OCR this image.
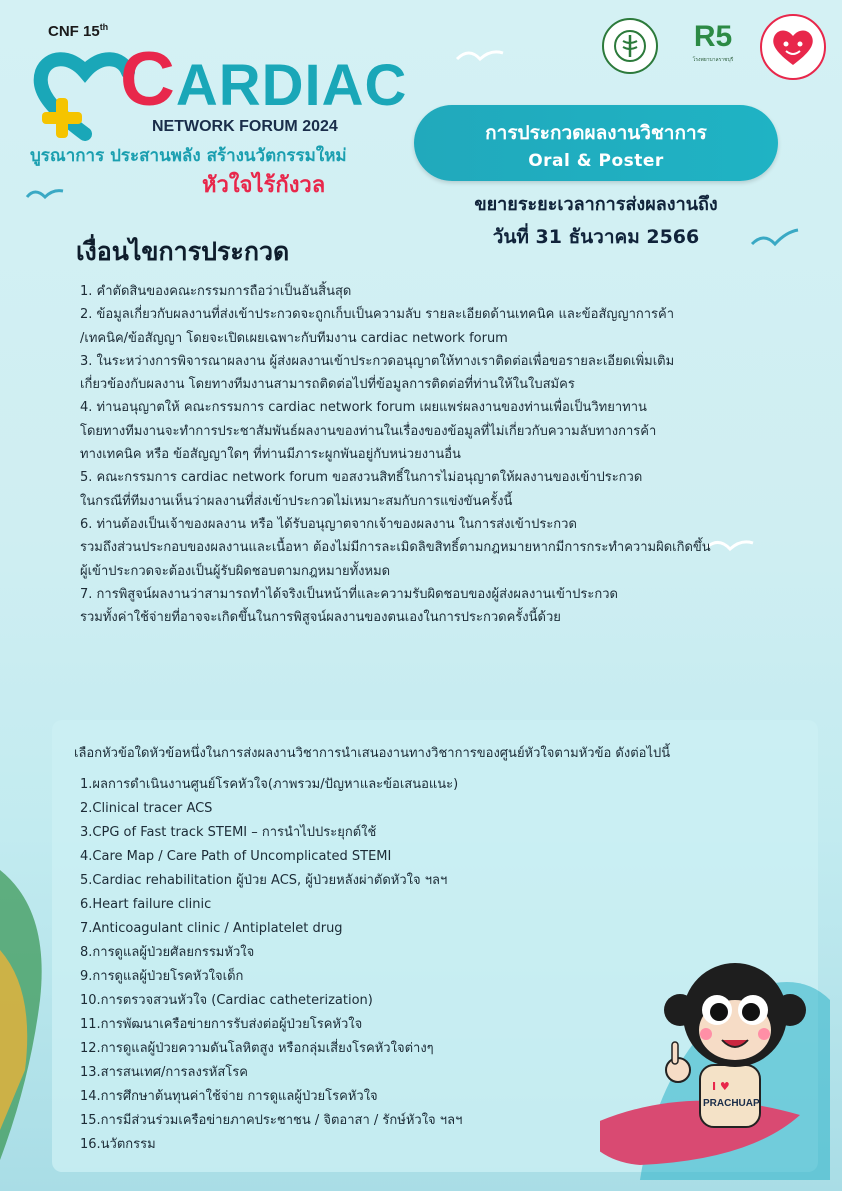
CNF 15th
CARDIAC
NETWORK FORUM 2024
บูรณาการ ประสานพลัง สร้างนวัตกรรมใหม่
หัวใจไร้กังวล
R5
โรงพยาบาลราชบุรี
การประกวดผลงานวิชาการ
Oral & Poster
ขยายระยะเวลาการส่งผลงานถึง
วันที่ 31 ธันวาคม 2566
เงื่อนไขการประกวด
1. คำตัดสินของคณะกรรมการถือว่าเป็นอันสิ้นสุด
2. ข้อมูลเกี่ยวกับผลงานที่ส่งเข้าประกวดจะถูกเก็บเป็นความลับ รายละเอียดด้านเทคนิค และข้อสัญญาการค้า
/เทคนิค/ข้อสัญญา โดยจะเปิดเผยเฉพาะกับทีมงาน cardiac network forum
3. ในระหว่างการพิจารณาผลงาน ผู้ส่งผลงานเข้าประกวดอนุญาตให้ทางเราติดต่อเพื่อขอรายละเอียดเพิ่มเติม
เกี่ยวข้องกับผลงาน โดยทางทีมงานสามารถติดต่อไปที่ข้อมูลการติดต่อที่ท่านให้ในใบสมัคร
4. ท่านอนุญาตให้ คณะกรรมการ cardiac network forum เผยแพร่ผลงานของท่านเพื่อเป็นวิทยาทาน
โดยทางทีมงานจะทำการประชาสัมพันธ์ผลงานของท่านในเรื่องของข้อมูลที่ไม่เกี่ยวกับความลับทางการค้า
ทางเทคนิค หรือ ข้อสัญญาใดๆ ที่ท่านมีภาระผูกพันอยู่กับหน่วยงานอื่น
5. คณะกรรมการ cardiac network forum ขอสงวนสิทธิ์ในการไม่อนุญาตให้ผลงานของเข้าประกวด
ในกรณีที่ทีมงานเห็นว่าผลงานที่ส่งเข้าประกวดไม่เหมาะสมกับการแข่งขันครั้งนี้
6. ท่านต้องเป็นเจ้าของผลงาน หรือ ได้รับอนุญาตจากเจ้าของผลงาน ในการส่งเข้าประกวด
รวมถึงส่วนประกอบของผลงานและเนื้อหา ต้องไม่มีการละเมิดลิขสิทธิ์ตามกฎหมายหากมีการกระทำความผิดเกิดขึ้น
ผู้เข้าประกวดจะต้องเป็นผู้รับผิดชอบตามกฎหมายทั้งหมด
7. การพิสูจน์ผลงานว่าสามารถทำได้จริงเป็นหน้าที่และความรับผิดชอบของผู้ส่งผลงานเข้าประกวด
รวมทั้งค่าใช้จ่ายที่อาจจะเกิดขึ้นในการพิสูจน์ผลงานของตนเองในการประกวดครั้งนี้ด้วย
เลือกหัวข้อใดหัวข้อหนึ่งในการส่งผลงานวิชาการนำเสนองานทางวิชาการของศูนย์หัวใจตามหัวข้อ ดังต่อไปนี้
1.ผลการดำเนินงานศูนย์โรคหัวใจ(ภาพรวม/ปัญหาและข้อเสนอแนะ)
2.Clinical tracer ACS
3.CPG of Fast track STEMI – การนำไปประยุกต์ใช้
4.Care Map / Care Path of Uncomplicated STEMI
5.Cardiac rehabilitation ผู้ป่วย ACS, ผู้ป่วยหลังผ่าตัดหัวใจ ฯลฯ
6.Heart failure clinic
7.Anticoagulant clinic / Antiplatelet drug
8.การดูแลผู้ป่วยศัลยกรรมหัวใจ
9.การดูแลผู้ป่วยโรคหัวใจเด็ก
10.การตรวจสวนหัวใจ (Cardiac catheterization)
11.การพัฒนาเครือข่ายการรับส่งต่อผู้ป่วยโรคหัวใจ
12.การดูแลผู้ป่วยความดันโลหิตสูง หรือกลุ่มเสี่ยงโรคหัวใจต่างๆ
13.สารสนเทศ/การลงรหัสโรค
14.การศึกษาต้นทุนค่าใช้จ่าย การดูแลผู้ป่วยโรคหัวใจ
15.การมีส่วนร่วมเครือข่ายภาคประชาชน / จิตอาสา / รักษ์หัวใจ ฯลฯ
16.นวัตกรรม
I ♥
PRACHUAP
